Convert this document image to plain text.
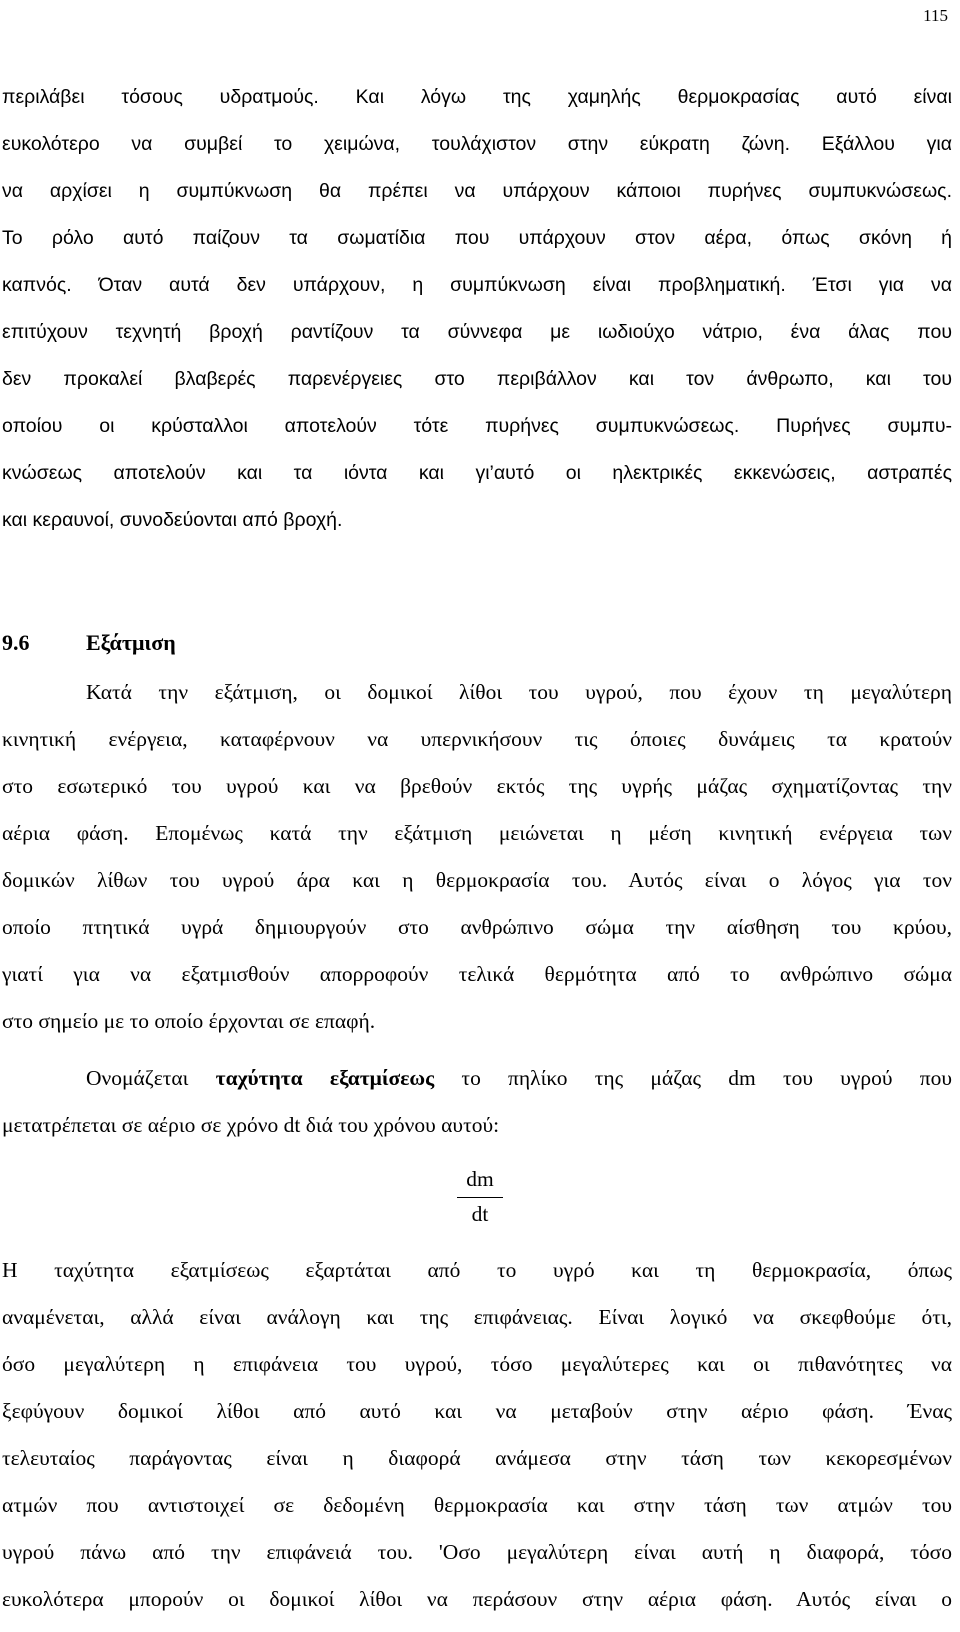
115
περιλάβει τόσους υδρατμούς. Και λόγω της χαμηλής θερμοκρασίας αυτό είναι
ευκολότερο να συμβεί το χειμώνα, τουλάχιστον στην εύκρατη ζώνη. Εξάλλου για
να αρχίσει η συμπύκνωση θα πρέπει να υπάρχουν κάποιοι πυρήνες συμπυκνώσεως.
Το ρόλο αυτό παίζουν τα σωματίδια που υπάρχουν στον αέρα, όπως σκόνη ή
καπνός. Όταν αυτά δεν υπάρχουν, η συμπύκνωση είναι προβληματική. Έτσι για να
επιτύχουν τεχνητή βροχή ραντίζουν τα σύννεφα με ιωδιούχο νάτριο, ένα άλας που
δεν προκαλεί βλαβερές παρενέργειες στο περιβάλλον και τον άνθρωπο, και του
οποίου οι κρύσταλλοι αποτελούν τότε πυρήνες συμπυκνώσεως. Πυρήνες συμπυ-
κνώσεως αποτελούν και τα ιόντα και γι’αυτό οι ηλεκτρικές εκκενώσεις, αστραπές
και κεραυνοί, συνοδεύονται από βροχή.
9.6	Εξάτμιση
Κατά την εξάτμιση, οι δομικοί λίθοι του υγρού, που έχουν τη μεγαλύτερη
κινητική ενέργεια, καταφέρνουν να υπερνικήσουν τις όποιες δυνάμεις τα κρατούν
στο εσωτερικό του υγρού και να βρεθούν εκτός της υγρής μάζας σχηματίζοντας την
αέρια φάση. Επομένως κατά την εξάτμιση μειώνεται η μέση κινητική ενέργεια των
δομικών λίθων του υγρού άρα και η θερμοκρασία του. Αυτός είναι ο λόγος για τον
οποίο πτητικά υγρά δημιουργούν στο ανθρώπινο σώμα την αίσθηση του κρύου,
γιατί για να εξατμισθούν απορροφούν τελικά θερμότητα από το ανθρώπινο σώμα
στο σημείο με το οποίο έρχονται σε επαφή.
Ονομάζεται ταχύτητα εξατμίσεως το πηλίκο της μάζας dm του υγρού που
μετατρέπεται σε αέριο σε χρόνο dt διά του χρόνου αυτού:
dm
dt
Η ταχύτητα εξατμίσεως εξαρτάται από το υγρό και τη θερμοκρασία, όπως
αναμένεται, αλλά είναι ανάλογη και της επιφάνειας. Είναι λογικό να σκεφθούμε ότι,
όσο μεγαλύτερη η επιφάνεια του υγρού, τόσο μεγαλύτερες και οι πιθανότητες να
ξεφύγουν δομικοί λίθοι από αυτό και να μεταβούν στην αέριο φάση. Ένας
τελευταίος παράγοντας είναι η διαφορά ανάμεσα στην τάση των κεκορεσμένων
ατμών που αντιστοιχεί σε δεδομένη θερμοκρασία και στην τάση των ατμών του
υγρού πάνω από την επιφάνειά του. 'Οσο μεγαλύτερη είναι αυτή η διαφορά, τόσο
ευκολότερα μπορούν οι δομικοί λίθοι να περάσουν στην αέρια φάση. Αυτός είναι ο
